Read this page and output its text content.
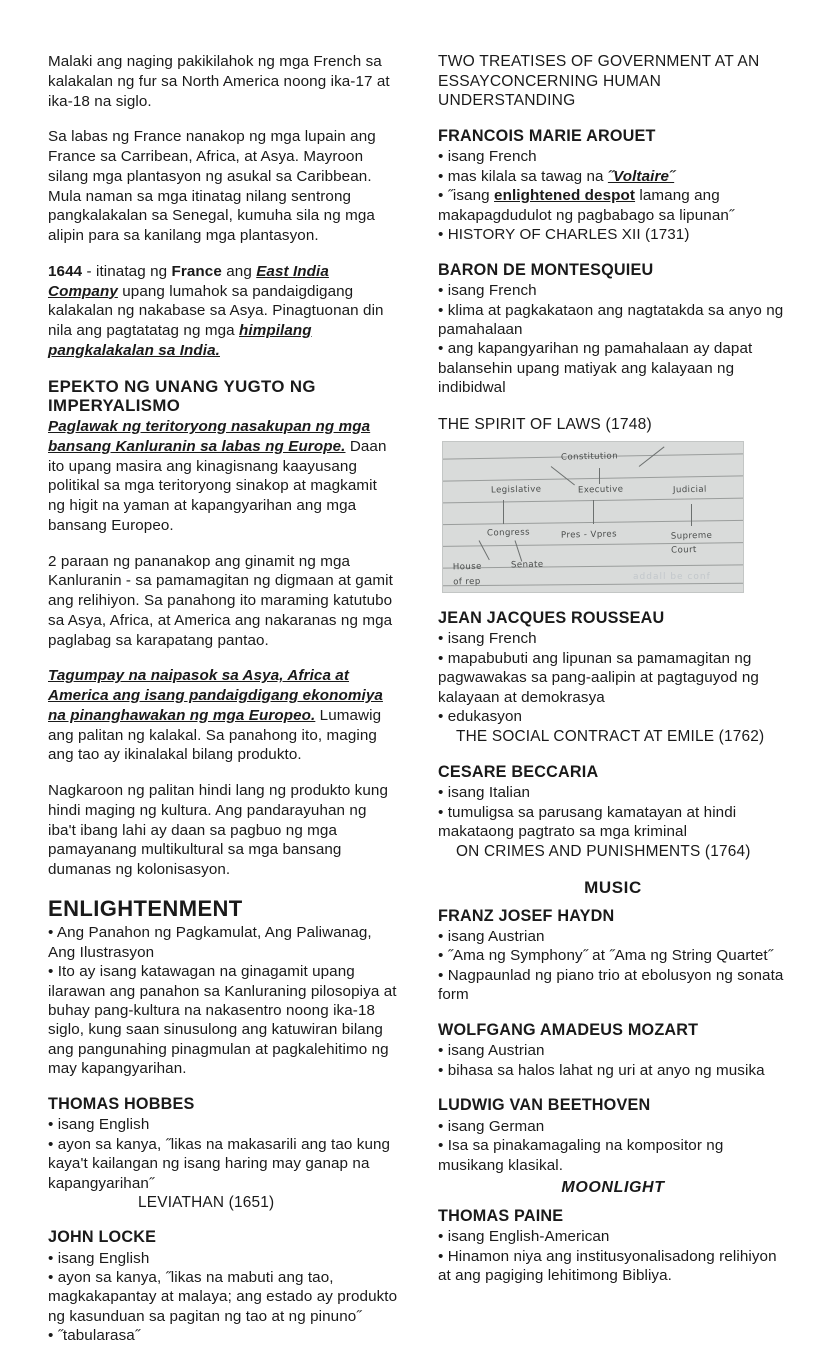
Malaki ang naging pakikilahok ng mga French sa kalakalan ng fur sa North America noong ika-17 at ika-18 na siglo.

Sa labas ng France nanakop ng mga lupain ang France sa Carribean, Africa, at Asya. Mayroon silang mga plantasyon ng asukal sa Caribbean. Mula naman sa mga itinatag nilang sentrong pangkalakalan sa Senegal, kumuha sila ng mga alipin para sa kanilang mga plantasyon.

1644 - itinatag ng France ang East India Company upang lumahok sa pandaigdigang kalakalan ng nakabase sa Asya. Pinagtuonan din nila ang pagtatatag ng mga himpilang pangkalakalan sa India.

EPEKTO NG UNANG YUGTO NG IMPERYALISMO

Paglawak ng teritoryong nasakupan ng mga bansang Kanluranin sa labas ng Europe. Daan ito upang masira ang kinagisnang kaayusang politikal sa mga teritoryong sinakop at magkamit ng higit na yaman at kapangyarihan ang mga bansang Europeo.

2 paraan ng pananakop ang ginamit ng mga Kanluranin - sa pamamagitan ng digmaan at gamit ang relihiyon. Sa panahong ito maraming katutubo sa Asya, Africa, at America ang nakaranas ng mga paglabag sa karapatang pantao.

Tagumpay na naipasok sa Asya, Africa at America ang isang pandaigdigang ekonomiya na pinanghawakan ng mga Europeo. Lumawig ang palitan ng kalakal. Sa panahong ito, maging ang tao ay ikinalakal bilang produkto.

Nagkaroon ng palitan hindi lang ng produkto kung hindi maging ng kultura. Ang pandarayuhan ng iba't ibang lahi ay daan sa pagbuo ng mga pamayanang multikultural sa mga bansang dumanas ng kolonisasyon.

ENLIGHTENMENT
• Ang Panahon ng Pagkamulat, Ang Paliwanag, Ang Ilustrasyon
• Ito ay isang katawagan na ginagamit upang ilarawan ang panahon sa Kanluraning pilosopiya at buhay pang-kultura na nakasentro noong ika-18 siglo, kung saan sinusulong ang katuwiran bilang ang pangunahing pinagmulan at pagkalehitimo ng may kapangyarihan.
THOMAS HOBBES
• isang English
• ayon sa kanya, ˝likas na makasarili ang tao kung kaya't kailangan ng isang haring may ganap na kapangyarihan˝
LEVIATHAN (1651)
JOHN LOCKE
• isang English
• ayon sa kanya, ˝likas na mabuti ang tao, magkakapantay at malaya; ang estado ay produkto ng kasunduan sa pagitan ng tao at ng pinuno˝
• ˝tabularasa˝
TWO TREATISES OF GOVERNMENT AT AN ESSAYCONCERNING HUMAN UNDERSTANDING
FRANCOIS MARIE AROUET
• isang French
• mas kilala sa tawag na ˝Voltaire˝
• ˝isang enlightened despot lamang ang makapagdudulot ng pagbabago sa lipunan˝
• HISTORY OF CHARLES XII (1731)
BARON DE MONTESQUIEU
• isang French
• klima at pagkakataon ang nagtatakda sa anyo ng pamahalaan
• ang kapangyarihan ng pamahalaan ay dapat balansehin upang matiyak ang kalayaan ng indibidwal
THE SPIRIT OF LAWS (1748)

Constitution
Legislative	Executive	Judicial
Congress	Pres - Vpres	Supreme Court
House of rep
Senate
addall be conf
JEAN JACQUES ROUSSEAU
• isang French
• mapabubuti ang lipunan sa pamamagitan ng pagwawakas sa pang-aalipin at pagtaguyod ng kalayaan at demokrasya
• edukasyon
THE SOCIAL CONTRACT AT EMILE (1762)
CESARE BECCARIA
• isang Italian
• tumuligsa sa parusang kamatayan at hindi makataong pagtrato sa mga kriminal
ON CRIMES AND PUNISHMENTS (1764)
MUSIC
FRANZ JOSEF HAYDN
• isang Austrian
• ˝Ama ng Symphony˝ at ˝Ama ng String Quartet˝
• Nagpaunlad ng piano trio at ebolusyon ng sonata form
WOLFGANG AMADEUS MOZART
• isang Austrian
• bihasa sa halos lahat ng uri at anyo ng musika
LUDWIG VAN BEETHOVEN
• isang German
• Isa sa pinakamagaling na kompositor ng musikang klasikal.
MOONLIGHT
THOMAS PAINE
• isang English-American
• Hinamon niya ang institusyonalisadong relihiyon at ang pagiging lehitimong Bibliya.
